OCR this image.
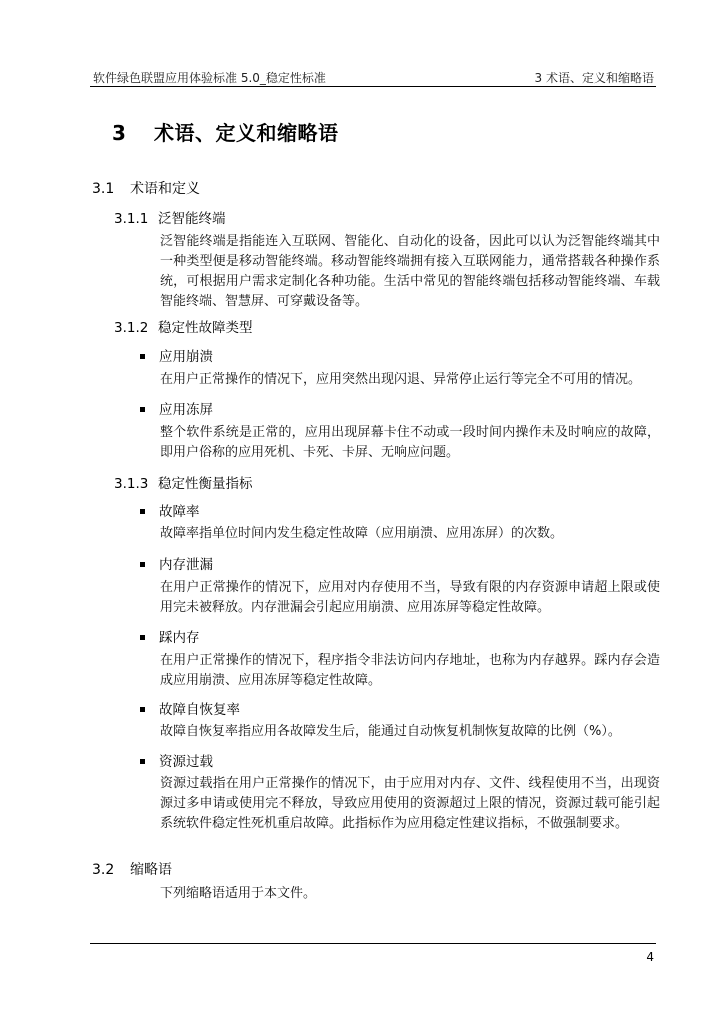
软件绿色联盟应用体验标准 5.0_稳定性标准	3 术语、定义和缩略语
3 术语、定义和缩略语
3.1 术语和定义
3.1.1 泛智能终端
泛智能终端是指能连入互联网、智能化、自动化的设备，因此可以认为泛智能终端其中一种类型便是移动智能终端。移动智能终端拥有接入互联网能力，通常搭载各种操作系统，可根据用户需求定制化各种功能。生活中常见的智能终端包括移动智能终端、车载智能终端、智慧屏、可穿戴设备等。
3.1.2 稳定性故障类型
应用崩溃
在用户正常操作的情况下，应用突然出现闪退、异常停止运行等完全不可用的情况。
应用冻屏
整个软件系统是正常的，应用出现屏幕卡住不动或一段时间内操作未及时响应的故障，即用户俗称的应用死机、卡死、卡屏、无响应问题。
3.1.3 稳定性衡量指标
故障率
故障率指单位时间内发生稳定性故障（应用崩溃、应用冻屏）的次数。
内存泄漏
在用户正常操作的情况下，应用对内存使用不当，导致有限的内存资源申请超上限或使用完未被释放。内存泄漏会引起应用崩溃、应用冻屏等稳定性故障。
踩内存
在用户正常操作的情况下，程序指令非法访问内存地址，也称为内存越界。踩内存会造成应用崩溃、应用冻屏等稳定性故障。
故障自恢复率
故障自恢复率指应用各故障发生后，能通过自动恢复机制恢复故障的比例（%）。
资源过载
资源过载指在用户正常操作的情况下，由于应用对内存、文件、线程使用不当，出现资源过多申请或使用完不释放，导致应用使用的资源超过上限的情况，资源过载可能引起系统软件稳定性死机重启故障。此指标作为应用稳定性建议指标，不做强制要求。
3.2 缩略语
下列缩略语适用于本文件。
4
